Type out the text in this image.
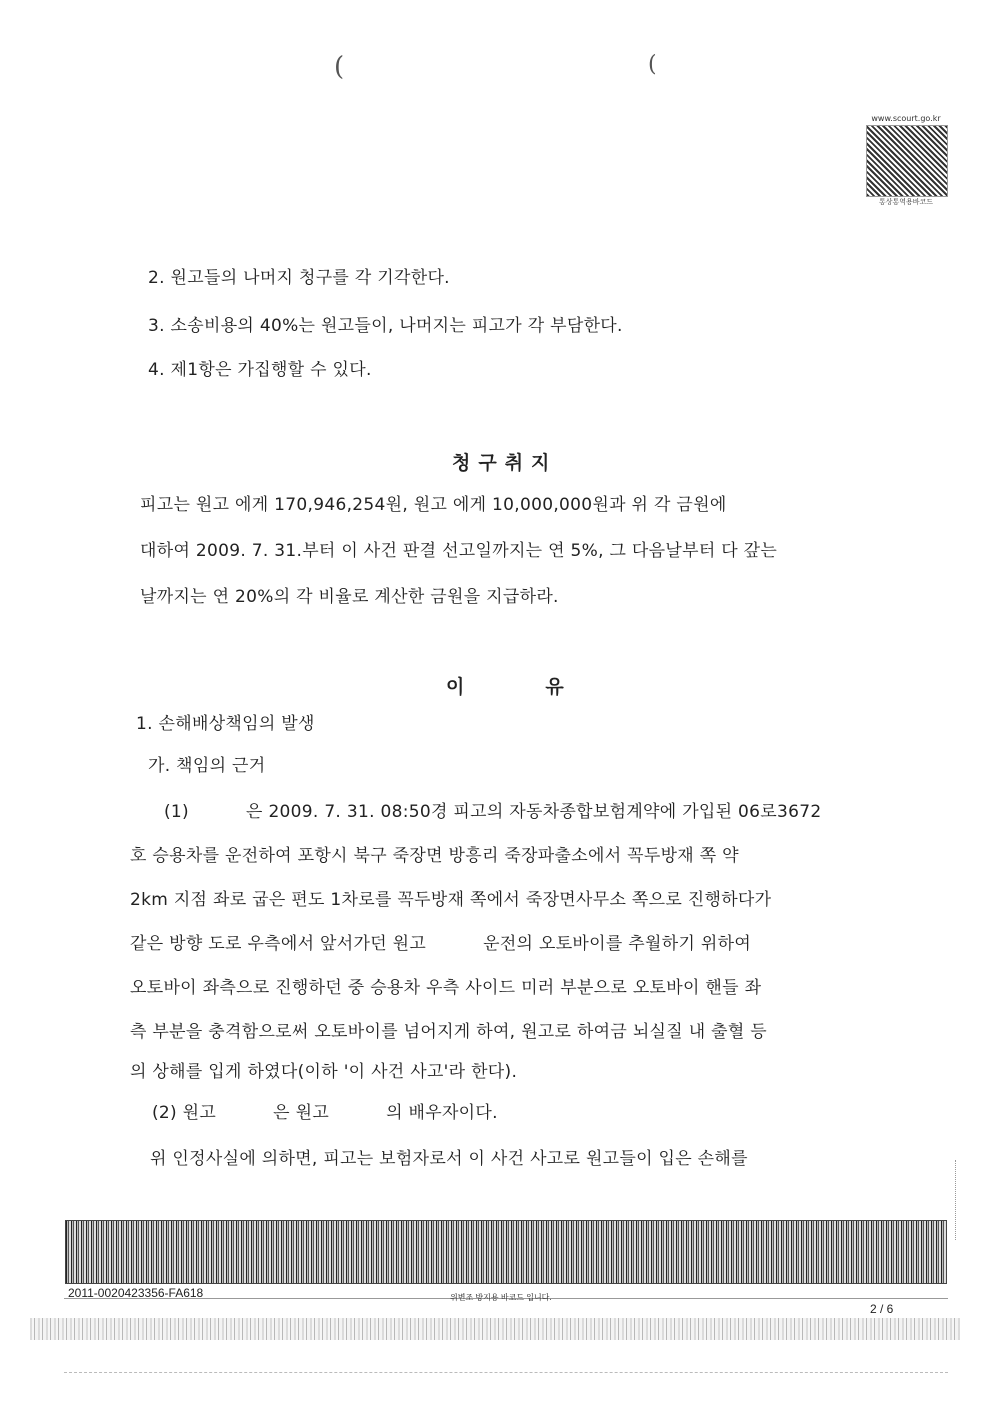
(	(
www.scourt.go.kr
통상통역용바코드
2. 원고들의 나머지 청구를 각 기각한다.
3. 소송비용의 40%는 원고들이, 나머지는 피고가 각 부담한다.
4. 제1항은 가집행할 수 있다.
청구취지
피고는 원고 에게 170,946,254원, 원고 에게 10,000,000원과 위 각 금원에
대하여 2009. 7. 31.부터 이 사건 판결 선고일까지는 연 5%, 그 다음날부터 다 갚는
날까지는 연 20%의 각 비율로 계산한 금원을 지급하라.
이     유
1. 손해배상책임의 발생
가. 책임의 근거
(1)          은 2009. 7. 31. 08:50경 피고의 자동차종합보험계약에 가입된 06로3672
호 승용차를 운전하여 포항시 북구 죽장면 방흥리 죽장파출소에서 꼭두방재 쪽 약
2km 지점 좌로 굽은 편도 1차로를 꼭두방재 쪽에서 죽장면사무소 쪽으로 진행하다가
같은 방향 도로 우측에서 앞서가던 원고          운전의 오토바이를 추월하기 위하여
오토바이 좌측으로 진행하던 중 승용차 우측 사이드 미러 부분으로 오토바이 핸들 좌
측 부분을 충격함으로써 오토바이를 넘어지게 하여, 원고로 하여금 뇌실질 내 출혈 등
의 상해를 입게 하였다(이하 '이 사건 사고'라 한다).
(2) 원고          은 원고          의 배우자이다.
위 인정사실에 의하면, 피고는 보험자로서 이 사건 사고로 원고들이 입은 손해를
2011-0020423356-FA618	위변조 방지용 바코드 입니다.
2 / 6
